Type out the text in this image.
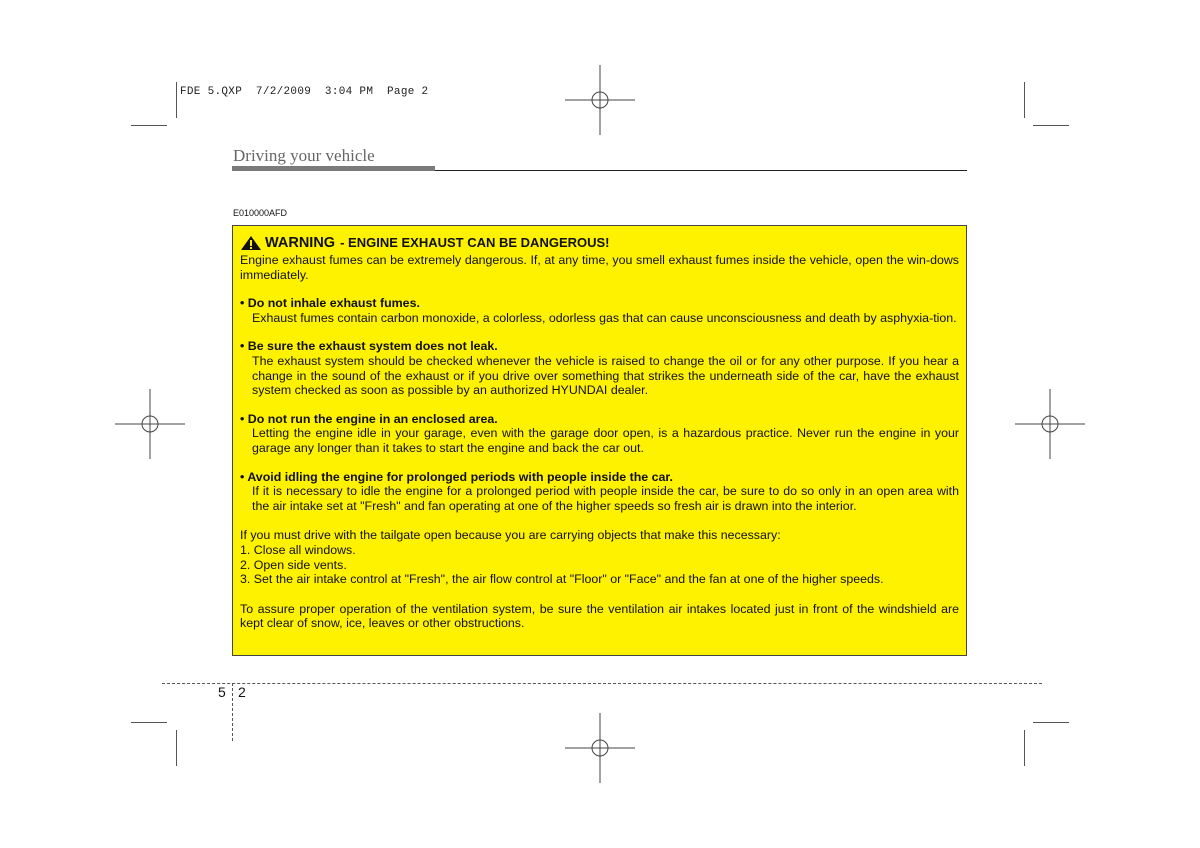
FDE 5.QXP  7/2/2009  3:04 PM  Page 2
Driving your vehicle
E010000AFD
WARNING - ENGINE EXHAUST CAN BE DANGEROUS!
Engine exhaust fumes can be extremely dangerous. If, at any time, you smell exhaust fumes inside the vehicle, open the win-dows immediately.
• Do not inhale exhaust fumes.
Exhaust fumes contain carbon monoxide, a colorless, odorless gas that can cause unconsciousness and death by asphyxia-tion.
• Be sure the exhaust system does not leak.
The exhaust system should be checked whenever the vehicle is raised to change the oil or for any other purpose. If you hear a change in the sound of the exhaust or if you drive over something that strikes the underneath side of the car, have the exhaust system checked as soon as possible by an authorized HYUNDAI dealer.
• Do not run the engine in an enclosed area.
Letting the engine idle in your garage, even with the garage door open, is a hazardous practice. Never run the engine in your garage any longer than it takes to start the engine and back the car out.
• Avoid idling the engine for prolonged periods with people inside the car.
If it is necessary to idle the engine for a prolonged period with people inside the car, be sure to do so only in an open area with the air intake set at "Fresh" and fan operating at one of the higher speeds so fresh air is drawn into the interior.
If you must drive with the tailgate open because you are carrying objects that make this necessary:
1. Close all windows.
2. Open side vents.
3. Set the air intake control at "Fresh", the air flow control at "Floor" or "Face" and the fan at one of the higher speeds.
To assure proper operation of the ventilation system, be sure the ventilation air intakes located just in front of the windshield are kept clear of snow, ice, leaves or other obstructions.
5 2
